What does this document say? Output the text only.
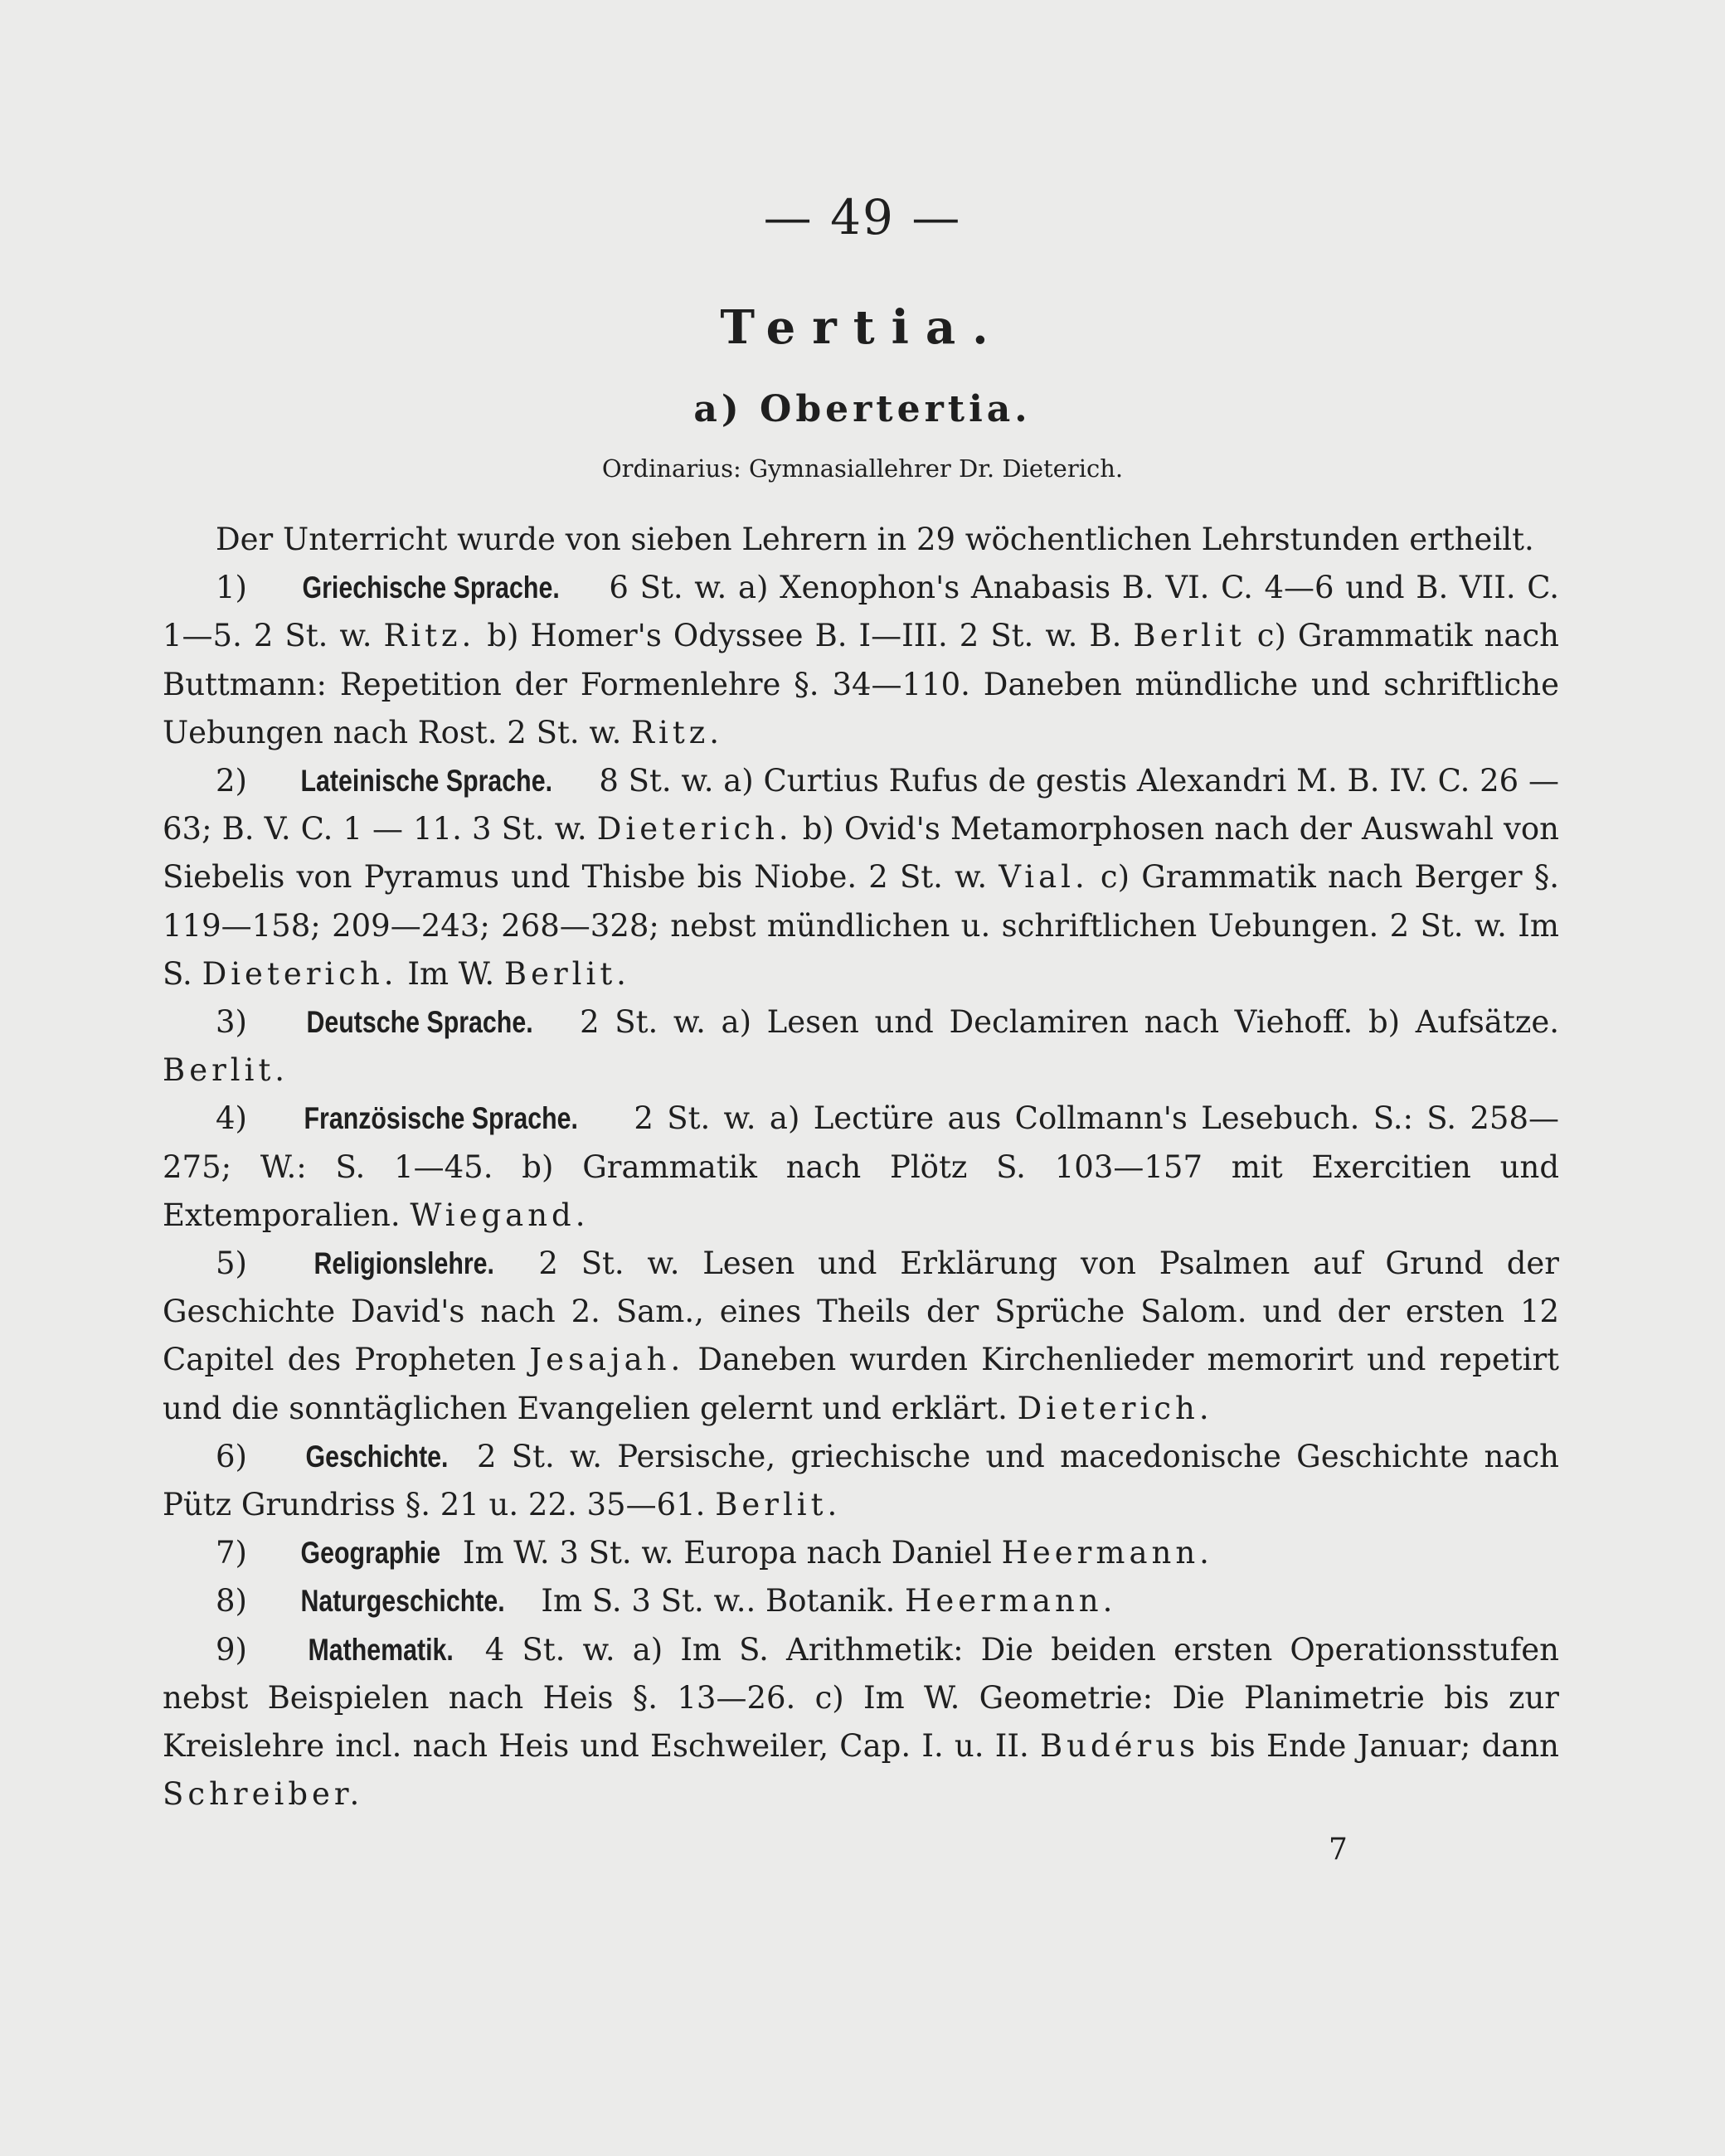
— 49 —
Tertia.
a) Obertertia.
Ordinarius: Gymnasiallehrer Dr. Dieterich.

Der Unterricht wurde von sieben Lehrern in 29 wöchentlichen Lehrstunden ertheilt.

1) Griechische Sprache. 6 St. w. a) Xenophon's Anabasis B. VI. C. 4—6 und B. VII. C. 1—5. 2 St. w. Ritz. b) Homer's Odyssee B. I—III. 2 St. w. B. Berlit c) Grammatik nach Buttmann: Repetition der Formenlehre §. 34—110. Daneben mündliche und schriftliche Uebungen nach Rost. 2 St. w. Ritz.

2) Lateinische Sprache. 8 St. w. a) Curtius Rufus de gestis Alexandri M. B. IV. C. 26 — 63; B. V. C. 1 — 11. 3 St. w. Dieterich. b) Ovid's Metamorphosen nach der Auswahl von Siebelis von Pyramus und Thisbe bis Niobe. 2 St. w. Vial. c) Grammatik nach Berger §. 119—158; 209—243; 268—328; nebst mündlichen u. schriftlichen Uebungen. 2 St. w. Im S. Dieterich. Im W. Berlit.

3) Deutsche Sprache. 2 St. w. a) Lesen und Declamiren nach Viehoff. b) Aufsätze. Berlit.

4) Französische Sprache. 2 St. w. a) Lectüre aus Collmann's Lesebuch. S.: S. 258—275; W.: S. 1—45. b) Grammatik nach Plötz S. 103—157 mit Exercitien und Extemporalien. Wiegand.

5) Religionslehre. 2 St. w. Lesen und Erklärung von Psalmen auf Grund der Geschichte David's nach 2. Sam., eines Theils der Sprüche Salom. und der ersten 12 Capitel des Propheten Jesajah. Daneben wurden Kirchenlieder memorirt und repetirt und die sonntäglichen Evangelien gelernt und erklärt. Dieterich.

6) Geschichte. 2 St. w. Persische, griechische und macedonische Geschichte nach Pütz Grundriss §. 21 u. 22. 35—61. Berlit.

7) Geographie Im W. 3 St. w. Europa nach Daniel Heermann.

8) Naturgeschichte. Im S. 3 St. w.. Botanik. Heermann.

9) Mathematik. 4 St. w. a) Im S. Arithmetik: Die beiden ersten Operationsstufen nebst Beispielen nach Heis §. 13—26. c) Im W. Geometrie: Die Planimetrie bis zur Kreislehre incl. nach Heis und Eschweiler, Cap. I. u. II. Budérus bis Ende Januar; dann Schreiber.

7
